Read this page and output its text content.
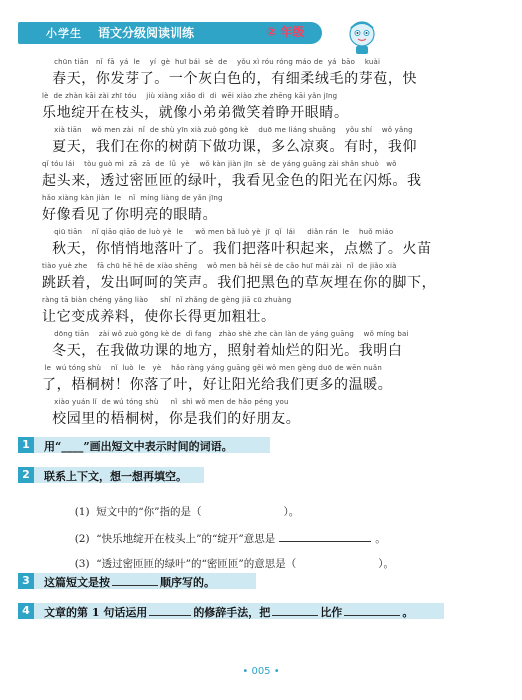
小学生 语文分级阅读训练	② 年级
chūn tiān   nǐ  fā  yá  le    yí  gè  huī bái  sè  de    yǒu xì róu róng máo de  yá  bāo    kuài
春天，你发芽了。一个灰白色的，有细柔绒毛的芽苞，快
lè  de zhàn kāi zài zhī tóu    jiù xiàng xiǎo dì  di  wēi xiào zhe zhēng kāi yǎn jīng
乐地绽开在枝头，就像小弟弟微笑着睁开眼睛。
xià tiān    wǒ men zài  nǐ  de shù yīn xià zuò gōng kè    duō me liáng shuǎng    yǒu shí    wǒ yǎng
夏天，我们在你的树荫下做功课，多么凉爽。有时，我仰
qǐ tóu lái    tòu guò mì  zā  zā  de  lǜ  yè    wǒ kàn jiàn jīn  sè  de yáng guāng zài shǎn shuò   wǒ
起头来，透过密匝匝的绿叶，我看见金色的阳光在闪烁。我
hǎo xiàng kàn jiàn  le   nǐ  míng liàng de yǎn jīng
好像看见了你明亮的眼睛。
qiū tiān    nǐ qiāo qiāo de luò yè  le     wǒ men bǎ luò yè  jī  qǐ  lái     diǎn rán  le    huǒ miáo
秋天，你悄悄地落叶了。我们把落叶积起来，点燃了。火苗
tiào yuè zhe    fā chū hē hē de xiào shēng    wǒ men bǎ hēi sè de cǎo huī mái zài  nǐ  de jiǎo xià
跳跃着，发出呵呵的笑声。我们把黑色的草灰埋在你的脚下，
ràng tā biàn chéng yǎng liào     shǐ  nǐ zhǎng de gèng jiā cū zhuàng
让它变成养料，使你长得更加粗壮。
dōng tiān    zài wǒ zuò gōng kè de  dì fang   zhào shè zhe càn làn de yáng guāng    wǒ míng bai
冬天，在我做功课的地方，照射着灿烂的阳光。我明白
le  wú tóng shù    nǐ  luò  le   yè    hǎo ràng yáng guāng gěi wǒ men gèng duō de wēn nuǎn
了，梧桐树！你落了叶，好让阳光给我们更多的温暖。
xiào yuán lǐ  de wú tóng shù     nǐ  shì wǒ men de hǎo péng you
校园里的梧桐树，你是我们的好朋友。
1	用“____”画出短文中表示时间的词语。
2	联系上下文，想一想再填空。

(1)  短文中的“你”指的是（	）。

(2)  “快乐地绽开在枝头上”的“绽开”意思是	。

(3)  “透过密匝匝的绿叶”的“密匝匝”的意思是（	）。

3	这篇短文是按	顺序写的。
4	文章的第 1 句话运用	的修辞手法，把	比作	。
• 005 •
